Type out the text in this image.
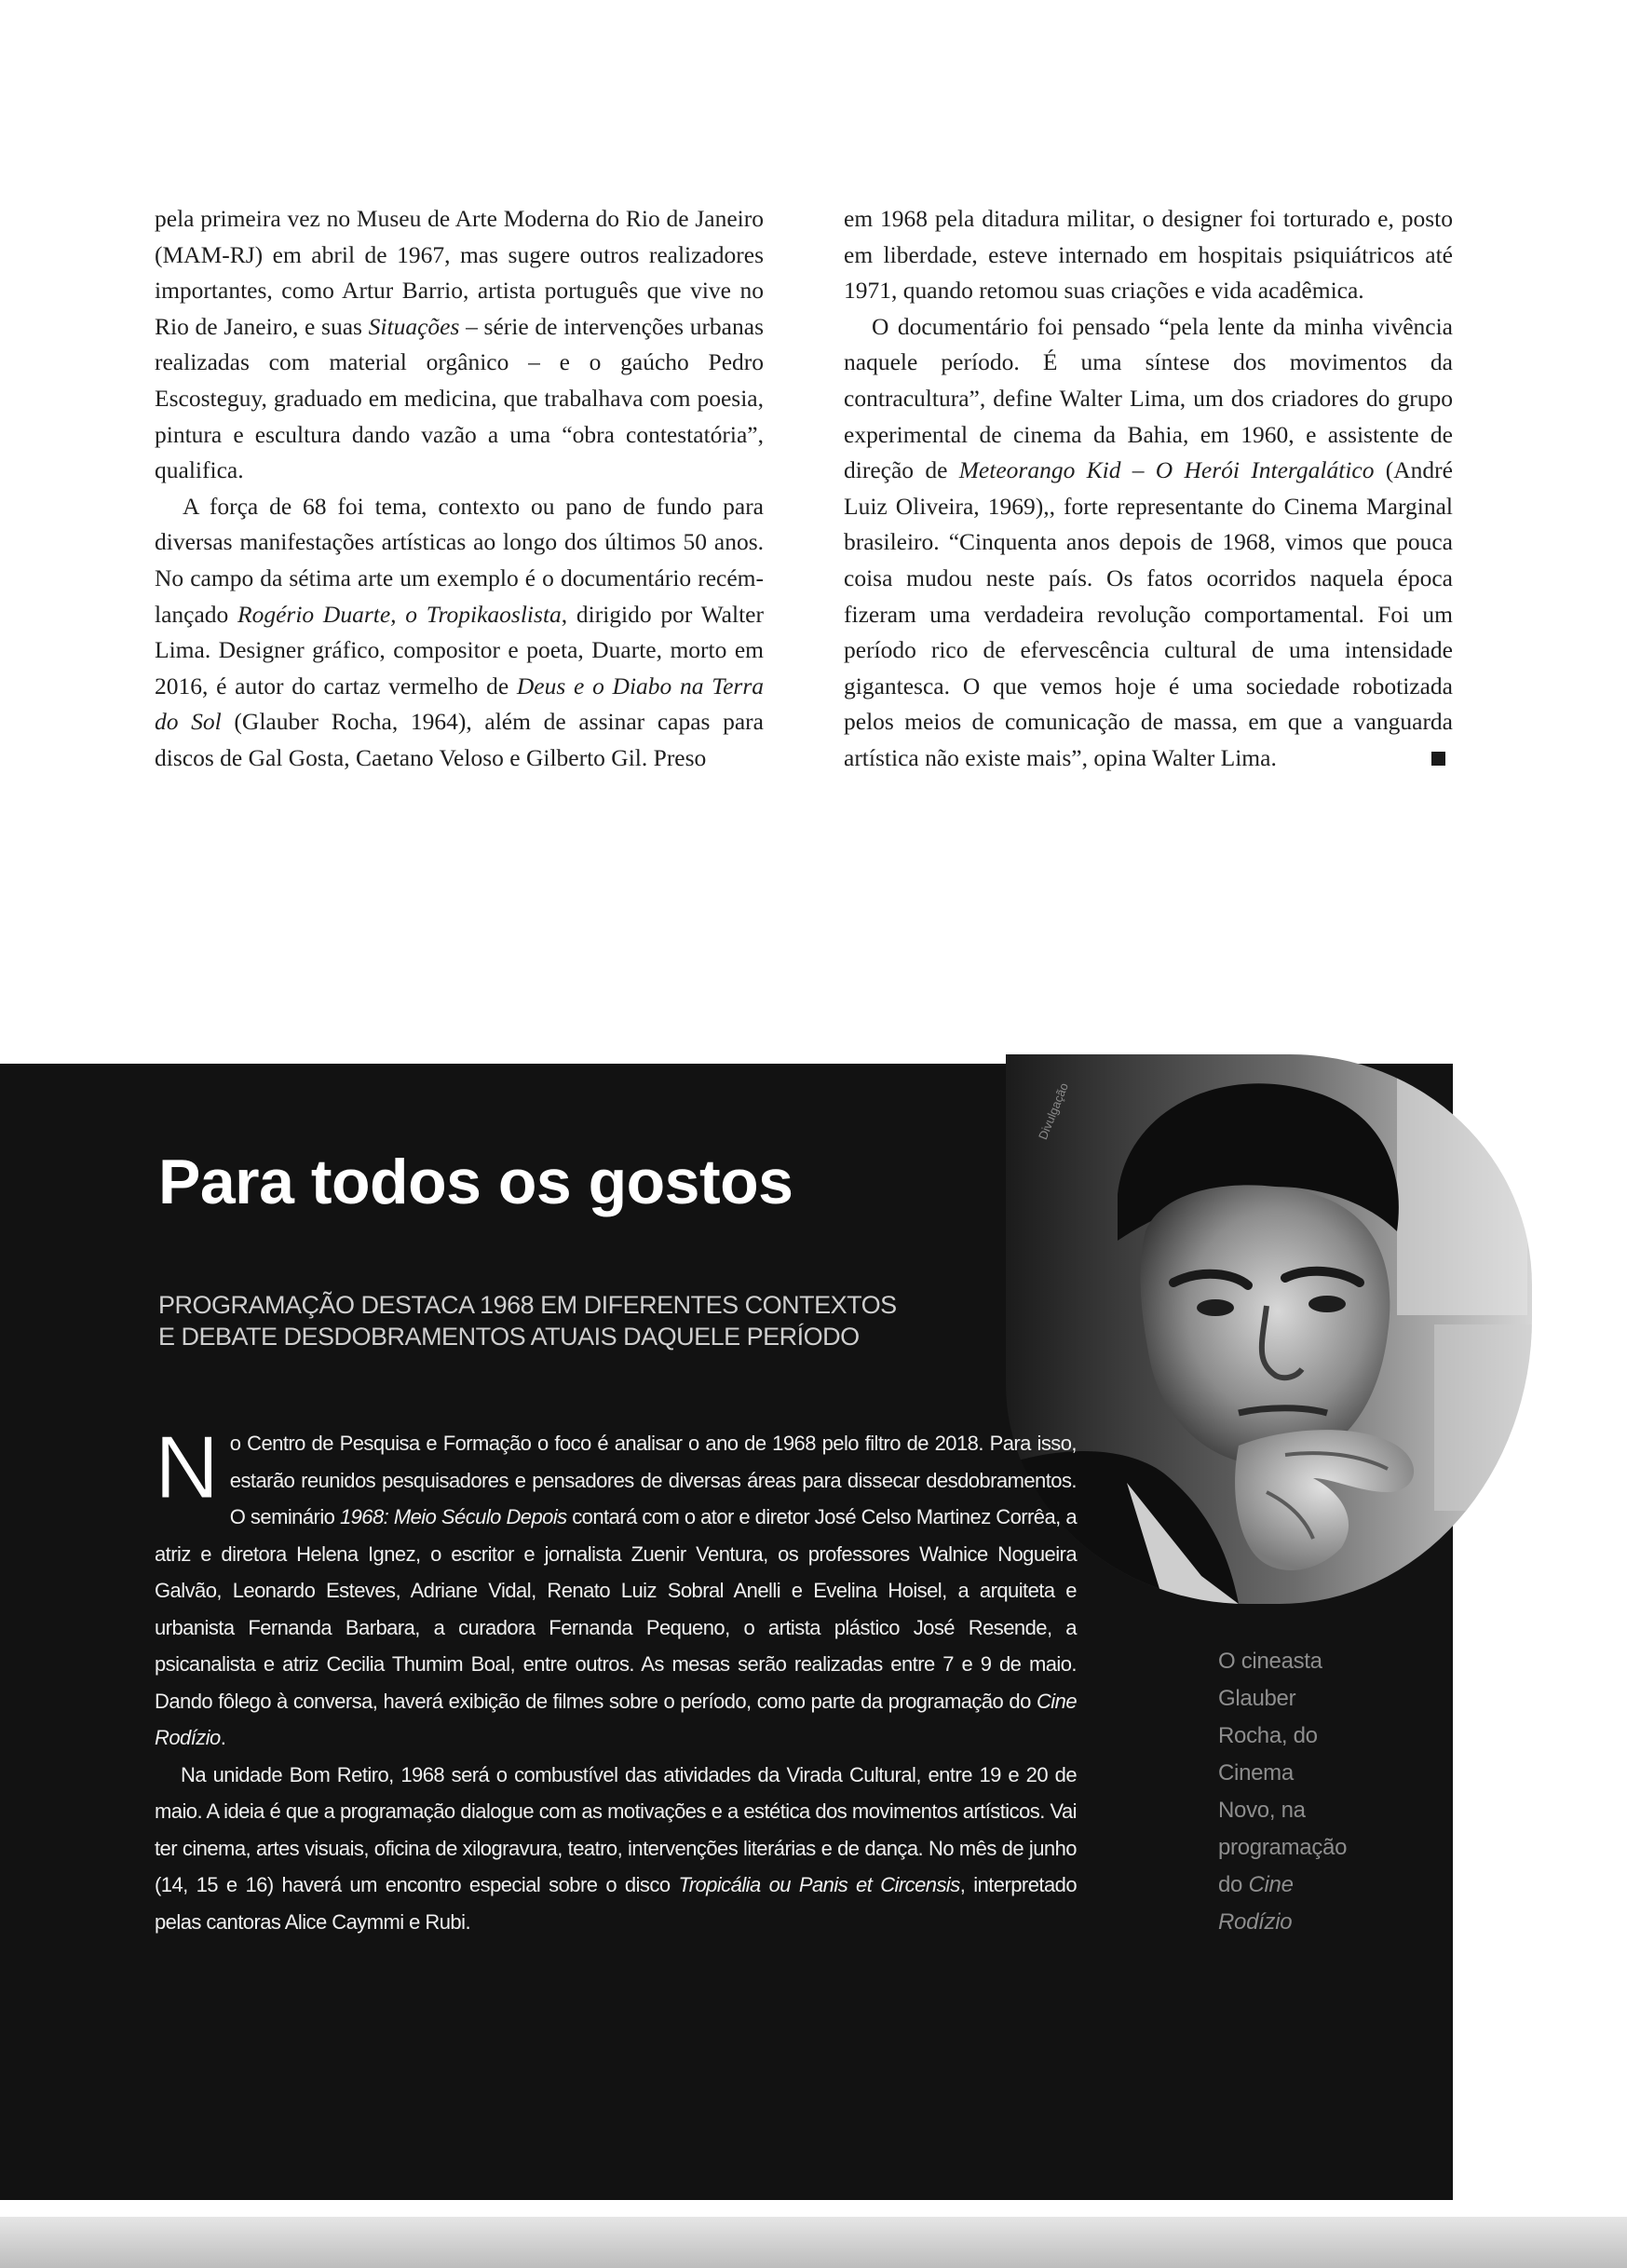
pela primeira vez no Museu de Arte Moderna do Rio de Janeiro (MAM-RJ) em abril de 1967, mas sugere outros realizadores importantes, como Artur Barrio, artista português que vive no Rio de Janeiro, e suas Situações – série de intervenções urbanas realizadas com material orgânico – e o gaúcho Pedro Escosteguy, graduado em medicina, que trabalhava com poesia, pintura e escultura dando vazão a uma “obra contestatória”, qualifica.

A força de 68 foi tema, contexto ou pano de fundo para diversas manifestações artísticas ao longo dos últimos 50 anos. No campo da sétima arte um exemplo é o documentário recém-lançado Rogério Duarte, o Tropikaoslista, dirigido por Walter Lima. Designer gráfico, compositor e poeta, Duarte, morto em 2016, é autor do cartaz vermelho de Deus e o Diabo na Terra do Sol (Glauber Rocha, 1964), além de assinar capas para discos de Gal Gosta, Caetano Veloso e Gilberto Gil. Preso

em 1968 pela ditadura militar, o designer foi torturado e, posto em liberdade, esteve internado em hospitais psiquiátricos até 1971, quando retomou suas criações e vida acadêmica.

O documentário foi pensado “pela lente da minha vivência naquele período. É uma síntese dos movimentos da contracultura”, define Walter Lima, um dos criadores do grupo experimental de cinema da Bahia, em 1960, e assistente de direção de Meteorango Kid – O Herói Intergalático (André Luiz Oliveira, 1969),, forte representante do Cinema Marginal brasileiro. “Cinquenta anos depois de 1968, vimos que pouca coisa mudou neste país. Os fatos ocorridos naquela época fizeram uma verdadeira revolução comportamental. Foi um período rico de efervescência cultural de uma intensidade gigantesca. O que vemos hoje é uma sociedade robotizada pelos meios de comunicação de massa, em que a vanguarda artística não existe mais”, opina Walter Lima.

Divulgação
Para todos os gostos
PROGRAMAÇÃO DESTACA 1968 EM DIFERENTES CONTEXTOS
E DEBATE DESDOBRAMENTOS ATUAIS DAQUELE PERÍODO
N o Centro de Pesquisa e Formação o foco é analisar o ano de 1968 pelo filtro de 2018. Para isso, estarão reunidos pesquisadores e pensadores de diversas áreas para dissecar desdobramentos. O seminário 1968: Meio Século Depois contará com o ator e diretor José Celso Martinez Corrêa, a atriz e diretora Helena Ignez, o escritor e jornalista Zuenir Ventura, os professores Walnice Nogueira Galvão, Leonardo Esteves, Adriane Vidal, Renato Luiz Sobral Anelli e Evelina Hoisel, a arquiteta e urbanista Fernanda Barbara, a curadora Fernanda Pequeno, o artista plástico José Resende, a psicanalista e atriz Cecilia Thumim Boal, entre outros. As mesas serão realizadas entre 7 e 9 de maio. Dando fôlego à conversa, haverá exibição de filmes sobre o período, como parte da programação do Cine Rodízio.

Na unidade Bom Retiro, 1968 será o combustível das atividades da Virada Cultural, entre 19 e 20 de maio. A ideia é que a programação dialogue com as motivações e a estética dos movimentos artísticos. Vai ter cinema, artes visuais, oficina de xilogravura, teatro, intervenções literárias e de dança. No mês de junho (14, 15 e 16) haverá um encontro especial sobre o disco Tropicália ou Panis et Circensis, interpretado pelas cantoras Alice Caymmi e Rubi.

O cineasta
Glauber
Rocha, do
Cinema
Novo, na
programação
do Cine
Rodízio
